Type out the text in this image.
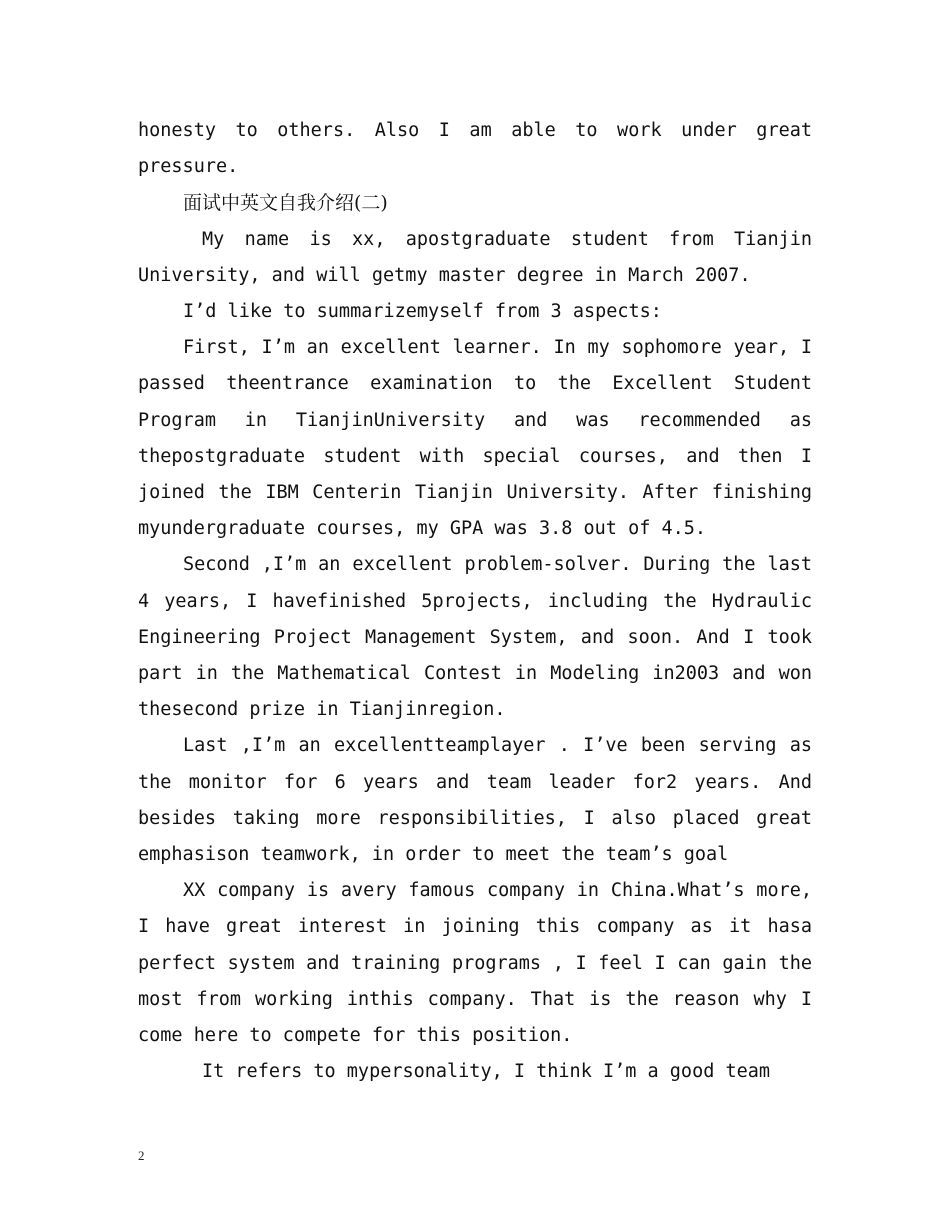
honesty to others. Also I am able to work under great pressure.

面试中英文自我介绍(二)

My name is xx, apostgraduate student from Tianjin University, and will getmy master degree in March 2007.

I’d like to summarizemyself from 3 aspects:

First, I’m an excellent learner. In my sophomore year, I passed theentrance examination to the Excellent Student Program in TianjinUniversity and was recommended as thepostgraduate student with special courses, and then I joined the IBM Centerin Tianjin University. After finishing myundergraduate courses, my GPA was 3.8 out of 4.5.

Second ,I’m an excellent problem-solver. During the last 4 years, I havefinished 5projects, including the Hydraulic Engineering Project Management System, and soon. And I took part in the Mathematical Contest in Modeling in2003 and won thesecond prize in Tianjinregion.

Last ,I’m an excellentteamplayer . I’ve been serving as the monitor for 6 years and team leader for2 years. And besides taking more responsibilities, I also placed great emphasison teamwork, in order to meet the team’s goal

XX company is avery famous company in China.What’s more, I have great interest in joining this company as it hasa perfect system and training programs , I feel I can gain the most from working inthis company. That is the reason why I come here to compete for this position.

It refers to mypersonality, I think I’m a good team

2
